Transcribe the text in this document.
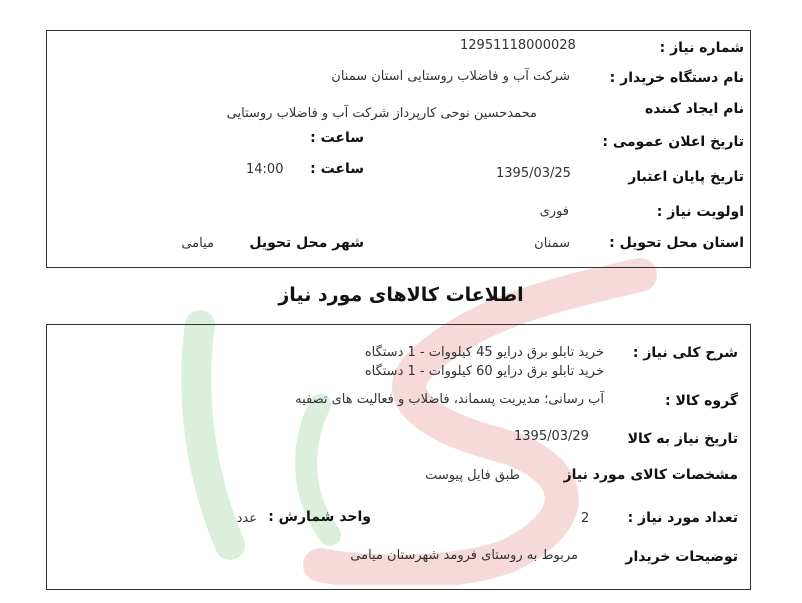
شماره نیاز :
12951118000028
نام دستگاه خریدار :
شرکت آب و فاضلاب روستایی استان سمنان
نام ایجاد کننده
محمدحسین نوحی کارپرداز شرکت آب و فاضلاب روستایی
تاریخ اعلان عمومی :
ساعت :
تاریخ پایان اعتبار
1395/03/25
ساعت :
14:00
اولویت نیاز :
فوری
استان محل تحویل :
سمنان
شهر محل تحویل
میامی
اطلاعات کالاهای مورد نیاز
شرح کلی نیاز :
خرید تابلو برق درایو 45 کیلووات - 1 دستگاه
خرید تابلو برق درایو 60 کیلووات - 1 دستگاه
گروه کالا :
آب رسانی؛ مدیریت پسماند، فاضلاب و فعالیت های تصفیه
تاریخ نیاز به کالا
1395/03/29
مشخصات کالای مورد نیاز
طبق فایل پیوست
تعداد مورد نیاز :
2
واحد شمارش :
عدد
توضیحات خریدار
مربوط به روستای فرومد شهرستان میامی
